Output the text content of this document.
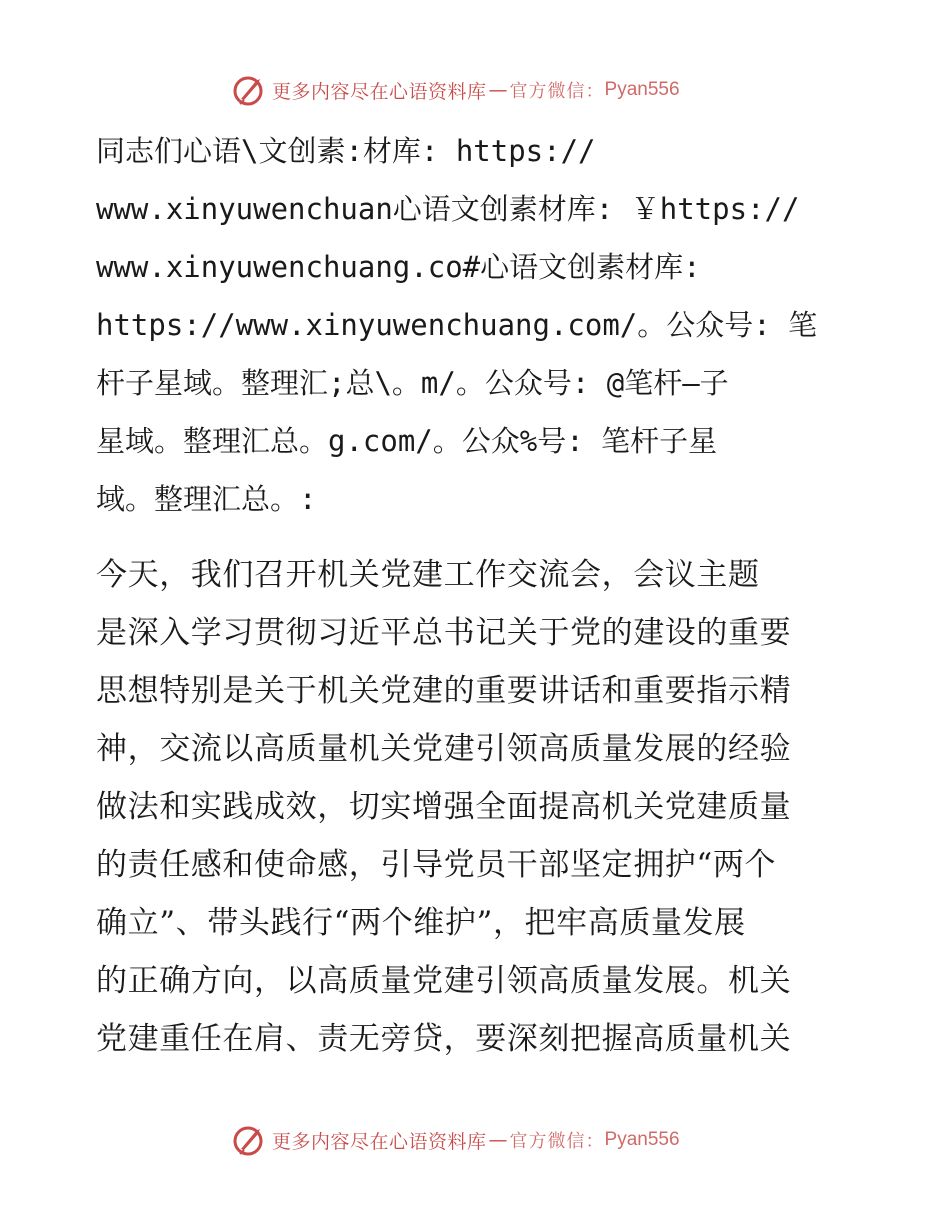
更多内容尽在心语资料库 — 官方微信： Pyan556
同志们心语\文创素:材库: https://
www.xinyuwenchuan心语文创素材库: ￥https://
www.xinyuwenchuang.co#心语文创素材库:
https://www.xinyuwenchuang.com/。公众号: 笔
杆子星域。整理汇;总\。m/。公众号: @笔杆—子
星域。整理汇总。g.com/。公众%号: 笔杆子星
域。整理汇总。:
今天，我们召开机关党建工作交流会，会议主题
是深入学习贯彻习近平总书记关于党的建设的重要
思想特别是关于机关党建的重要讲话和重要指示精
神，交流以高质量机关党建引领高质量发展的经验
做法和实践成效，切实增强全面提高机关党建质量
的责任感和使命感，引导党员干部坚定拥护“两个
确立”、带头践行“两个维护”，把牢高质量发展
的正确方向，以高质量党建引领高质量发展。机关
党建重任在肩、责无旁贷，要深刻把握高质量机关
更多内容尽在心语资料库 — 官方微信： Pyan556
